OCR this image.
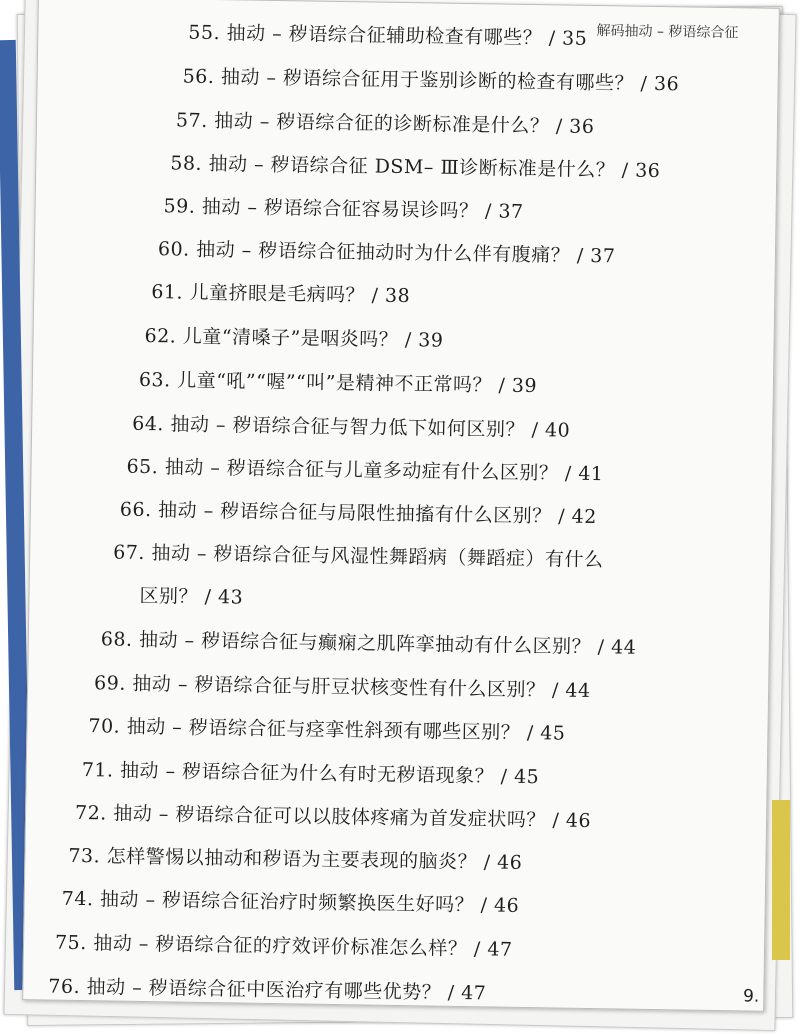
解码抽动 – 秽语综合征
55. 抽动 – 秽语综合征辅助检查有哪些？ / 35
56. 抽动 – 秽语综合征用于鉴别诊断的检查有哪些？ / 36
57. 抽动 – 秽语综合征的诊断标准是什么？ / 36
58. 抽动 – 秽语综合征 DSM– Ⅲ诊断标准是什么？ / 36
59. 抽动 – 秽语综合征容易误诊吗？ / 37
60. 抽动 – 秽语综合征抽动时为什么伴有腹痛？ / 37
61. 儿童挤眼是毛病吗？ / 38
62. 儿童“清嗓子”是咽炎吗？ / 39
63. 儿童“吼”“喔”“叫”是精神不正常吗？ / 39
64. 抽动 – 秽语综合征与智力低下如何区别？ / 40
65. 抽动 – 秽语综合征与儿童多动症有什么区别？ / 41
66. 抽动 – 秽语综合征与局限性抽搐有什么区别？ / 42
67. 抽动 – 秽语综合征与风湿性舞蹈病（舞蹈症）有什么
区别？ / 43
68. 抽动 – 秽语综合征与癫痫之肌阵挛抽动有什么区别？ / 44
69. 抽动 – 秽语综合征与肝豆状核变性有什么区别？ / 44
70. 抽动 – 秽语综合征与痉挛性斜颈有哪些区别？ / 45
71. 抽动 – 秽语综合征为什么有时无秽语现象？ / 45
72. 抽动 – 秽语综合征可以以肢体疼痛为首发症状吗？ / 46
73. 怎样警惕以抽动和秽语为主要表现的脑炎？ / 46
74. 抽动 – 秽语综合征治疗时频繁换医生好吗？ / 46
75. 抽动 – 秽语综合征的疗效评价标准怎么样？ / 47
76. 抽动 – 秽语综合征中医治疗有哪些优势？ / 47	9.
